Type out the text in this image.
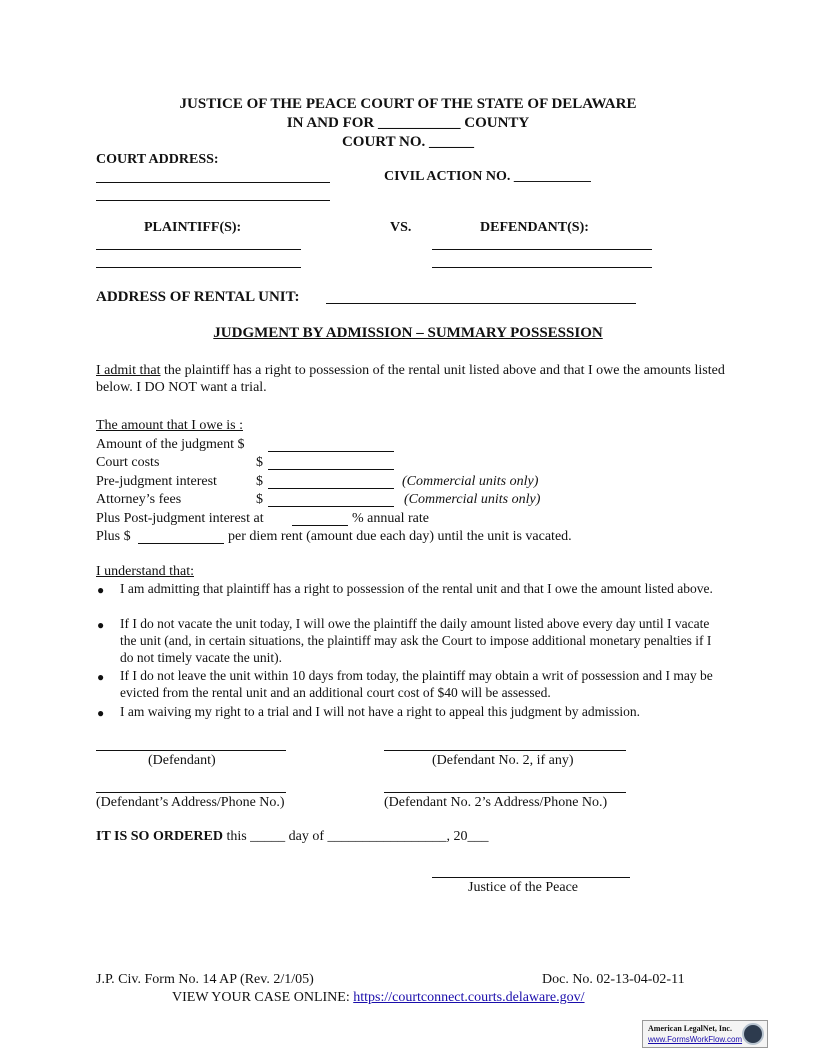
JUSTICE OF THE PEACE COURT OF THE STATE OF DELAWARE
IN AND FOR ___________ COUNTY
COURT NO. ______
COURT ADDRESS:
CIVIL ACTION NO. ___________
PLAINTIFF(S):	VS.	DEFENDANT(S):
ADDRESS OF RENTAL UNIT:
JUDGMENT BY ADMISSION – SUMMARY POSSESSION
I admit that the plaintiff has a right to possession of the rental unit listed above and that I owe the amounts listed below. I DO NOT want a trial.
The amount that I owe is :
Amount of the judgment $
Court costs	$
Pre-judgment interest	$	(Commercial units only)
Attorney’s fees	$	(Commercial units only)
Plus Post-judgment interest at	% annual rate
Plus $	per diem rent (amount due each day) until the unit is vacated.
I understand that:
● I am admitting that plaintiff has a right to possession of the rental unit and that I owe the amount listed above.
● If I do not vacate the unit today, I will owe the plaintiff the daily amount listed above every day until I vacate the unit (and, in certain situations, the plaintiff may ask the Court to impose additional monetary penalties if I do not timely vacate the unit).
● If I do not leave the unit within 10 days from today, the plaintiff may obtain a writ of possession and I may be evicted from the rental unit and an additional court cost of $40 will be assessed.
● I am waiving my right to a trial and I will not have a right to appeal this judgment by admission.
(Defendant)	(Defendant No. 2, if any)
(Defendant’s Address/Phone No.)	(Defendant No. 2’s Address/Phone No.)
IT IS SO ORDERED this _____ day of _________________, 20___
Justice of the Peace
J.P. Civ. Form No. 14 AP (Rev. 2/1/05)	Doc. No. 02-13-04-02-11
VIEW YOUR CASE ONLINE: https://courtconnect.courts.delaware.gov/
American LegalNet, Inc.
www.FormsWorkFlow.com
